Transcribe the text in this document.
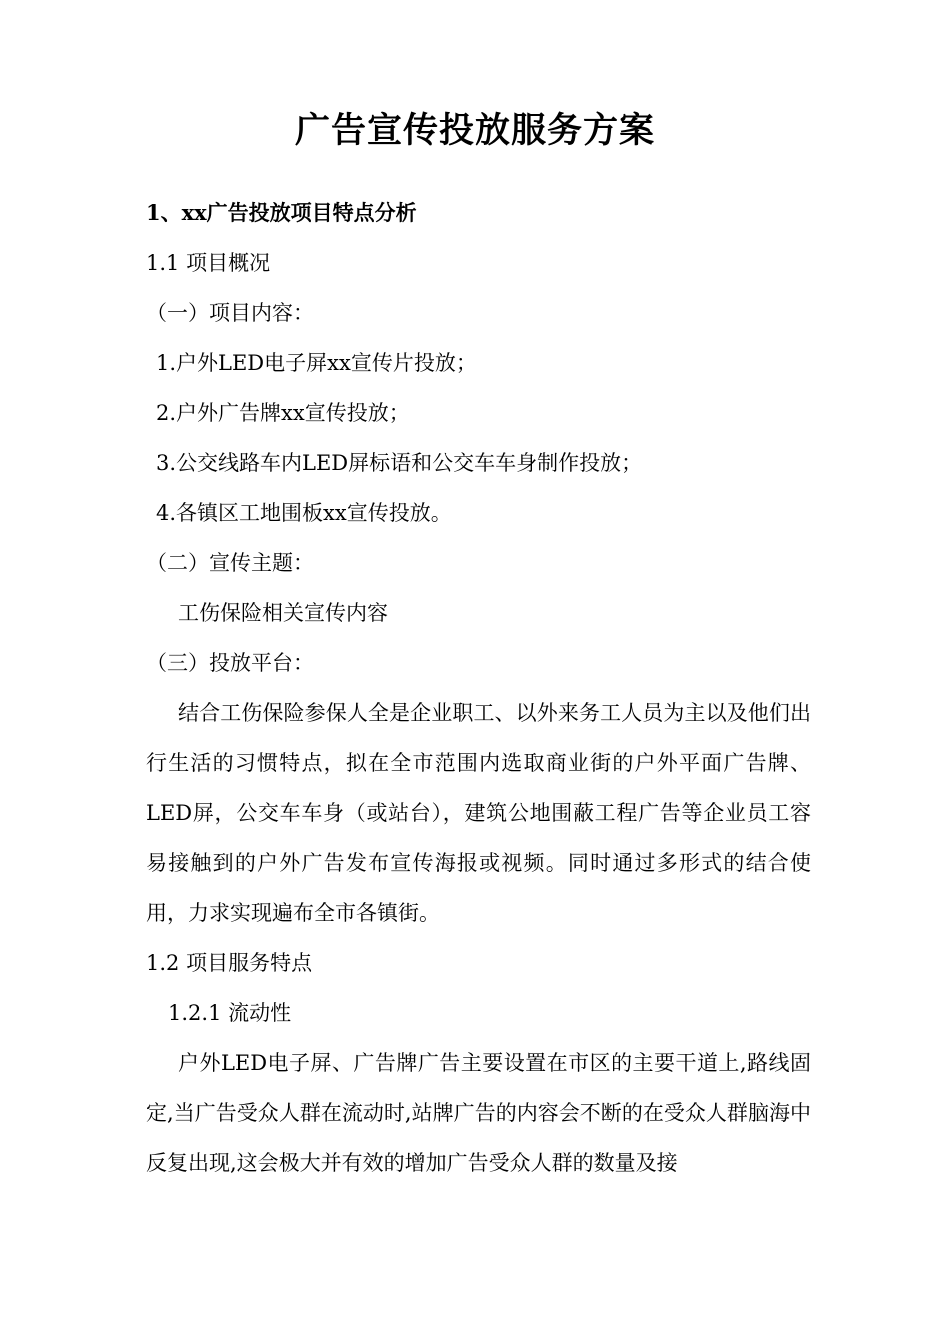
广告宣传投放服务方案
1、xx广告投放项目特点分析
1.1 项目概况
（一）项目内容：
1.户外LED电子屏xx宣传片投放；
2.户外广告牌xx宣传投放；
3.公交线路车内LED屏标语和公交车车身制作投放；
4.各镇区工地围板xx宣传投放。
（二）宣传主题：
工伤保险相关宣传内容
（三）投放平台：

结合工伤保险参保人全是企业职工、以外来务工人员为主以及他们出行生活的习惯特点，拟在全市范围内选取商业街的户外平面广告牌、LED屏，公交车车身（或站台），建筑公地围蔽工程广告等企业员工容易接触到的户外广告发布宣传海报或视频。同时通过多形式的结合使用，力求实现遍布全市各镇街。

1.2 项目服务特点
1.2.1 流动性

户外LED电子屏、广告牌广告主要设置在市区的主要干道上,路线固定,当广告受众人群在流动时,站牌广告的内容会不断的在受众人群脑海中反复出现,这会极大并有效的增加广告受众人群的数量及接
